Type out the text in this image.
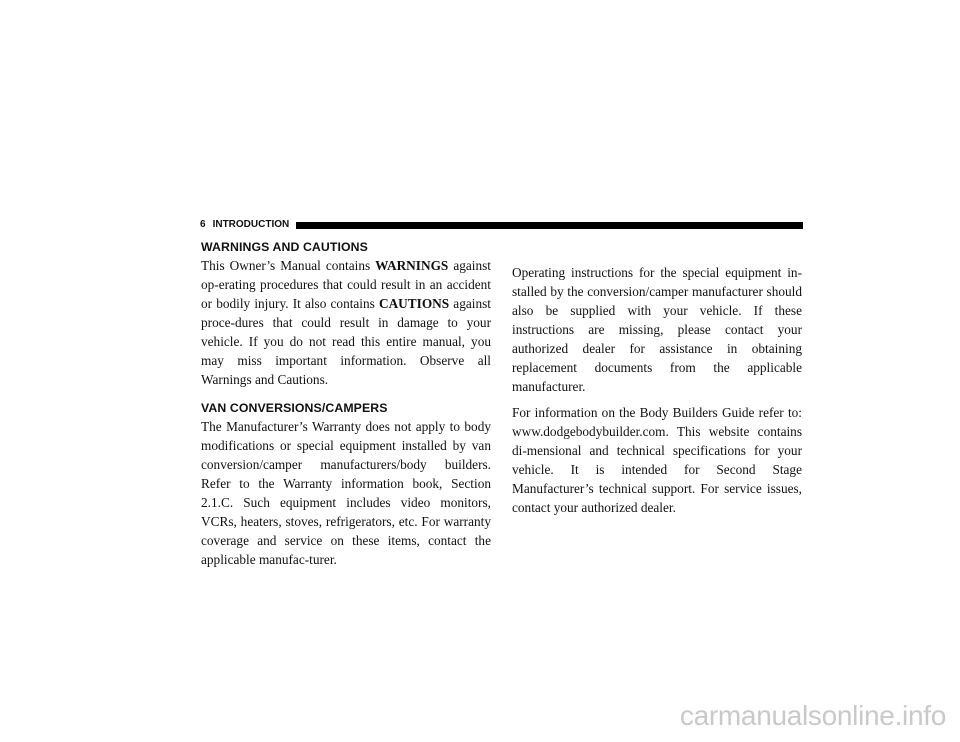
6 INTRODUCTION
WARNINGS AND CAUTIONS

This Owner’s Manual contains WARNINGS against op-erating procedures that could result in an accident or bodily injury. It also contains CAUTIONS against proce-dures that could result in damage to your vehicle. If you do not read this entire manual, you may miss important information. Observe all Warnings and Cautions.

VAN CONVERSIONS/CAMPERS

The Manufacturer’s Warranty does not apply to body modifications or special equipment installed by van conversion/camper manufacturers/body builders. Refer to the Warranty information book, Section 2.1.C. Such equipment includes video monitors, VCRs, heaters, stoves, refrigerators, etc. For warranty coverage and service on these items, contact the applicable manufac-turer.

Operating instructions for the special equipment in-stalled by the conversion/camper manufacturer should also be supplied with your vehicle. If these instructions are missing, please contact your authorized dealer for assistance in obtaining replacement documents from the applicable manufacturer.

For information on the Body Builders Guide refer to: www.dodgebodybuilder.com. This website contains di-mensional and technical specifications for your vehicle. It is intended for Second Stage Manufacturer’s technical support. For service issues, contact your authorized dealer.

carmanualsonline.info
